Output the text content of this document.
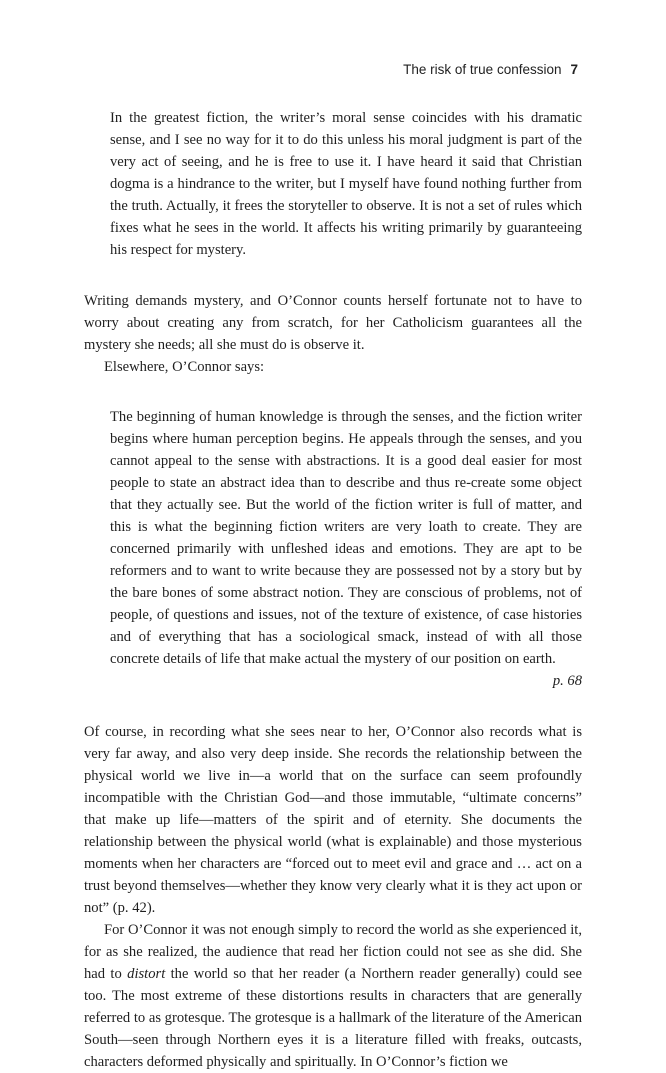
The risk of true confession 7

In the greatest fiction, the writer’s moral sense coincides with his dramatic sense, and I see no way for it to do this unless his moral judgment is part of the very act of seeing, and he is free to use it. I have heard it said that Christian dogma is a hindrance to the writer, but I myself have found nothing further from the truth. Actually, it frees the storyteller to observe. It is not a set of rules which fixes what he sees in the world. It affects his writing primarily by guaranteeing his respect for mystery.

Writing demands mystery, and O’Connor counts herself fortunate not to have to worry about creating any from scratch, for her Catholicism guarantees all the mystery she needs; all she must do is observe it.

Elsewhere, O’Connor says:

The beginning of human knowledge is through the senses, and the fiction writer begins where human perception begins. He appeals through the senses, and you cannot appeal to the sense with abstractions. It is a good deal easier for most people to state an abstract idea than to describe and thus re-create some object that they actually see. But the world of the fiction writer is full of matter, and this is what the beginning fiction writers are very loath to create. They are concerned primarily with unfleshed ideas and emotions. They are apt to be reformers and to want to write because they are possessed not by a story but by the bare bones of some abstract notion. They are conscious of problems, not of people, of questions and issues, not of the texture of existence, of case histories and of everything that has a sociological smack, instead of with all those concrete details of life that make actual the mystery of our position on earth.

p. 68

Of course, in recording what she sees near to her, O’Connor also records what is very far away, and also very deep inside. She records the relationship between the physical world we live in—a world that on the surface can seem profoundly incompatible with the Christian God—and those immutable, “ultimate concerns” that make up life—matters of the spirit and of eternity. She documents the relationship between the physical world (what is explainable) and those mysterious moments when her characters are “forced out to meet evil and grace and … act on a trust beyond themselves—whether they know very clearly what it is they act upon or not” (p. 42).

For O’Connor it was not enough simply to record the world as she experienced it, for as she realized, the audience that read her fiction could not see as she did. She had to distort the world so that her reader (a Northern reader generally) could see too. The most extreme of these distortions results in characters that are generally referred to as grotesque. The grotesque is a hallmark of the literature of the American South—seen through Northern eyes it is a literature filled with freaks, outcasts, characters deformed physically and spiritually. In O’Connor’s fiction we
